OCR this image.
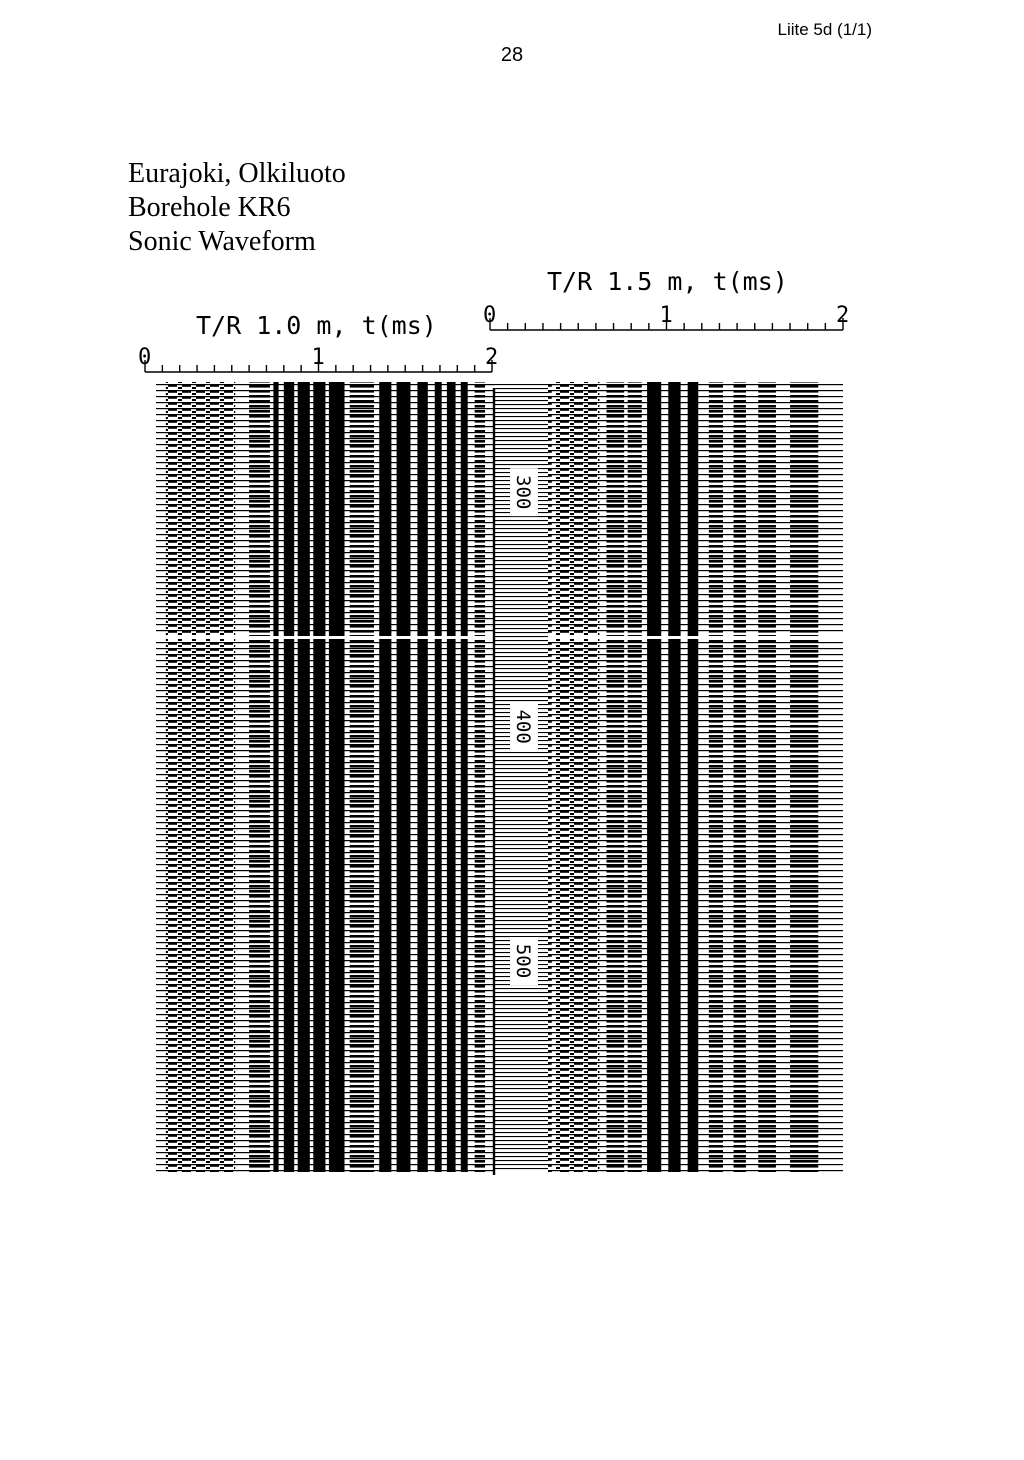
28
Liite 5d (1/1)
Eurajoki, Olkiluoto
Borehole KR6
Sonic Waveform
T/R 1.0 m, t(ms)
0	1	2
T/R 1.5 m, t(ms)
0	1	2
300
400
500
